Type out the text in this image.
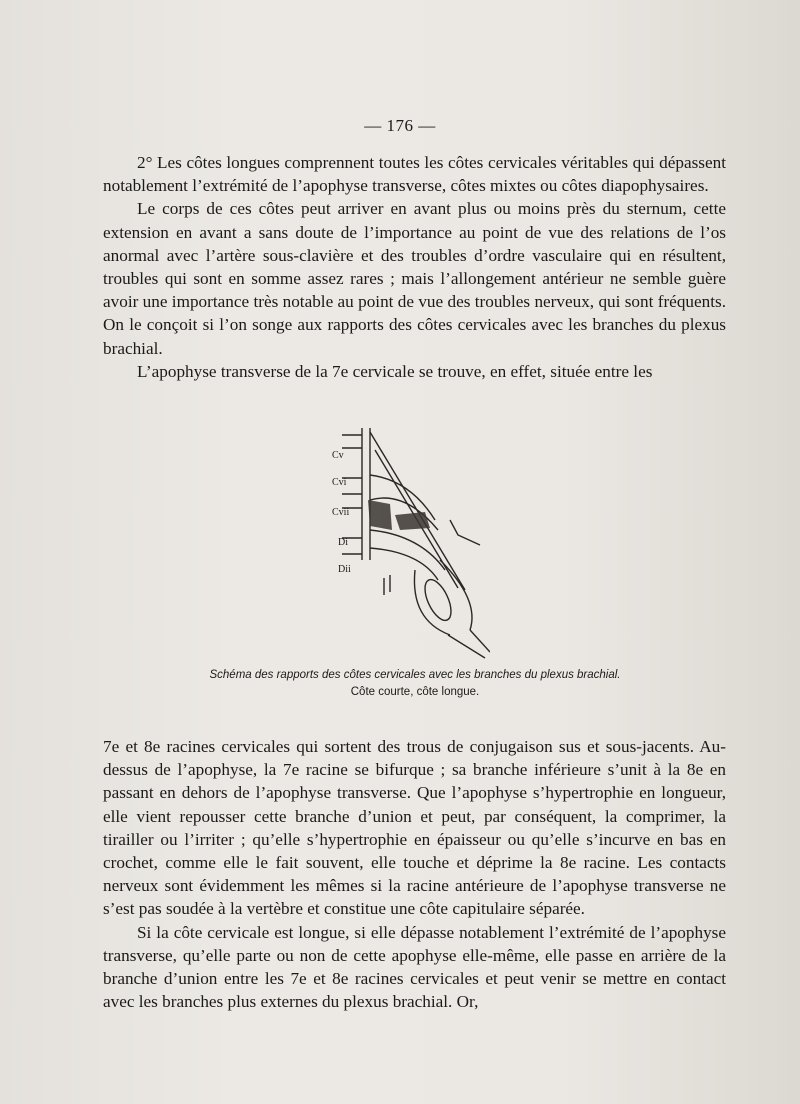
— 176 —

2° Les côtes longues comprennent toutes les côtes cervicales véritables qui dépassent notablement l’extrémité de l’apophyse transverse, côtes mixtes ou côtes diapophysaires.

Le corps de ces côtes peut arriver en avant plus ou moins près du sternum, cette extension en avant a sans doute de l’importance au point de vue des relations de l’os anormal avec l’artère sous-clavière et des troubles d’ordre vasculaire qui en résultent, troubles qui sont en somme assez rares ; mais l’allongement antérieur ne semble guère avoir une importance très notable au point de vue des troubles nerveux, qui sont fréquents. On le conçoit si l’on songe aux rapports des côtes cervicales avec les branches du plexus brachial.

L’apophyse transverse de la 7e cervicale se trouve, en effet, située entre les

Cv
Cvi
Cvii
Di
Dii
Schéma des rapports des côtes cervicales avec les branches du plexus brachial.
Côte courte, côte longue.

7e et 8e racines cervicales qui sortent des trous de conjugaison sus et sous-jacents. Au-dessus de l’apophyse, la 7e racine se bifurque ; sa branche inférieure s’unit à la 8e en passant en dehors de l’apophyse transverse. Que l’apophyse s’hypertrophie en longueur, elle vient repousser cette branche d’union et peut, par conséquent, la comprimer, la tirailler ou l’irriter ; qu’elle s’hypertrophie en épaisseur ou qu’elle s’incurve en bas en crochet, comme elle le fait souvent, elle touche et déprime la 8e racine. Les contacts nerveux sont évidemment les mêmes si la racine antérieure de l’apophyse transverse ne s’est pas soudée à la vertèbre et constitue une côte capitulaire séparée.

Si la côte cervicale est longue, si elle dépasse notablement l’extrémité de l’apophyse transverse, qu’elle parte ou non de cette apophyse elle-même, elle passe en arrière de la branche d’union entre les 7e et 8e racines cervicales et peut venir se mettre en contact avec les branches plus externes du plexus brachial. Or,
